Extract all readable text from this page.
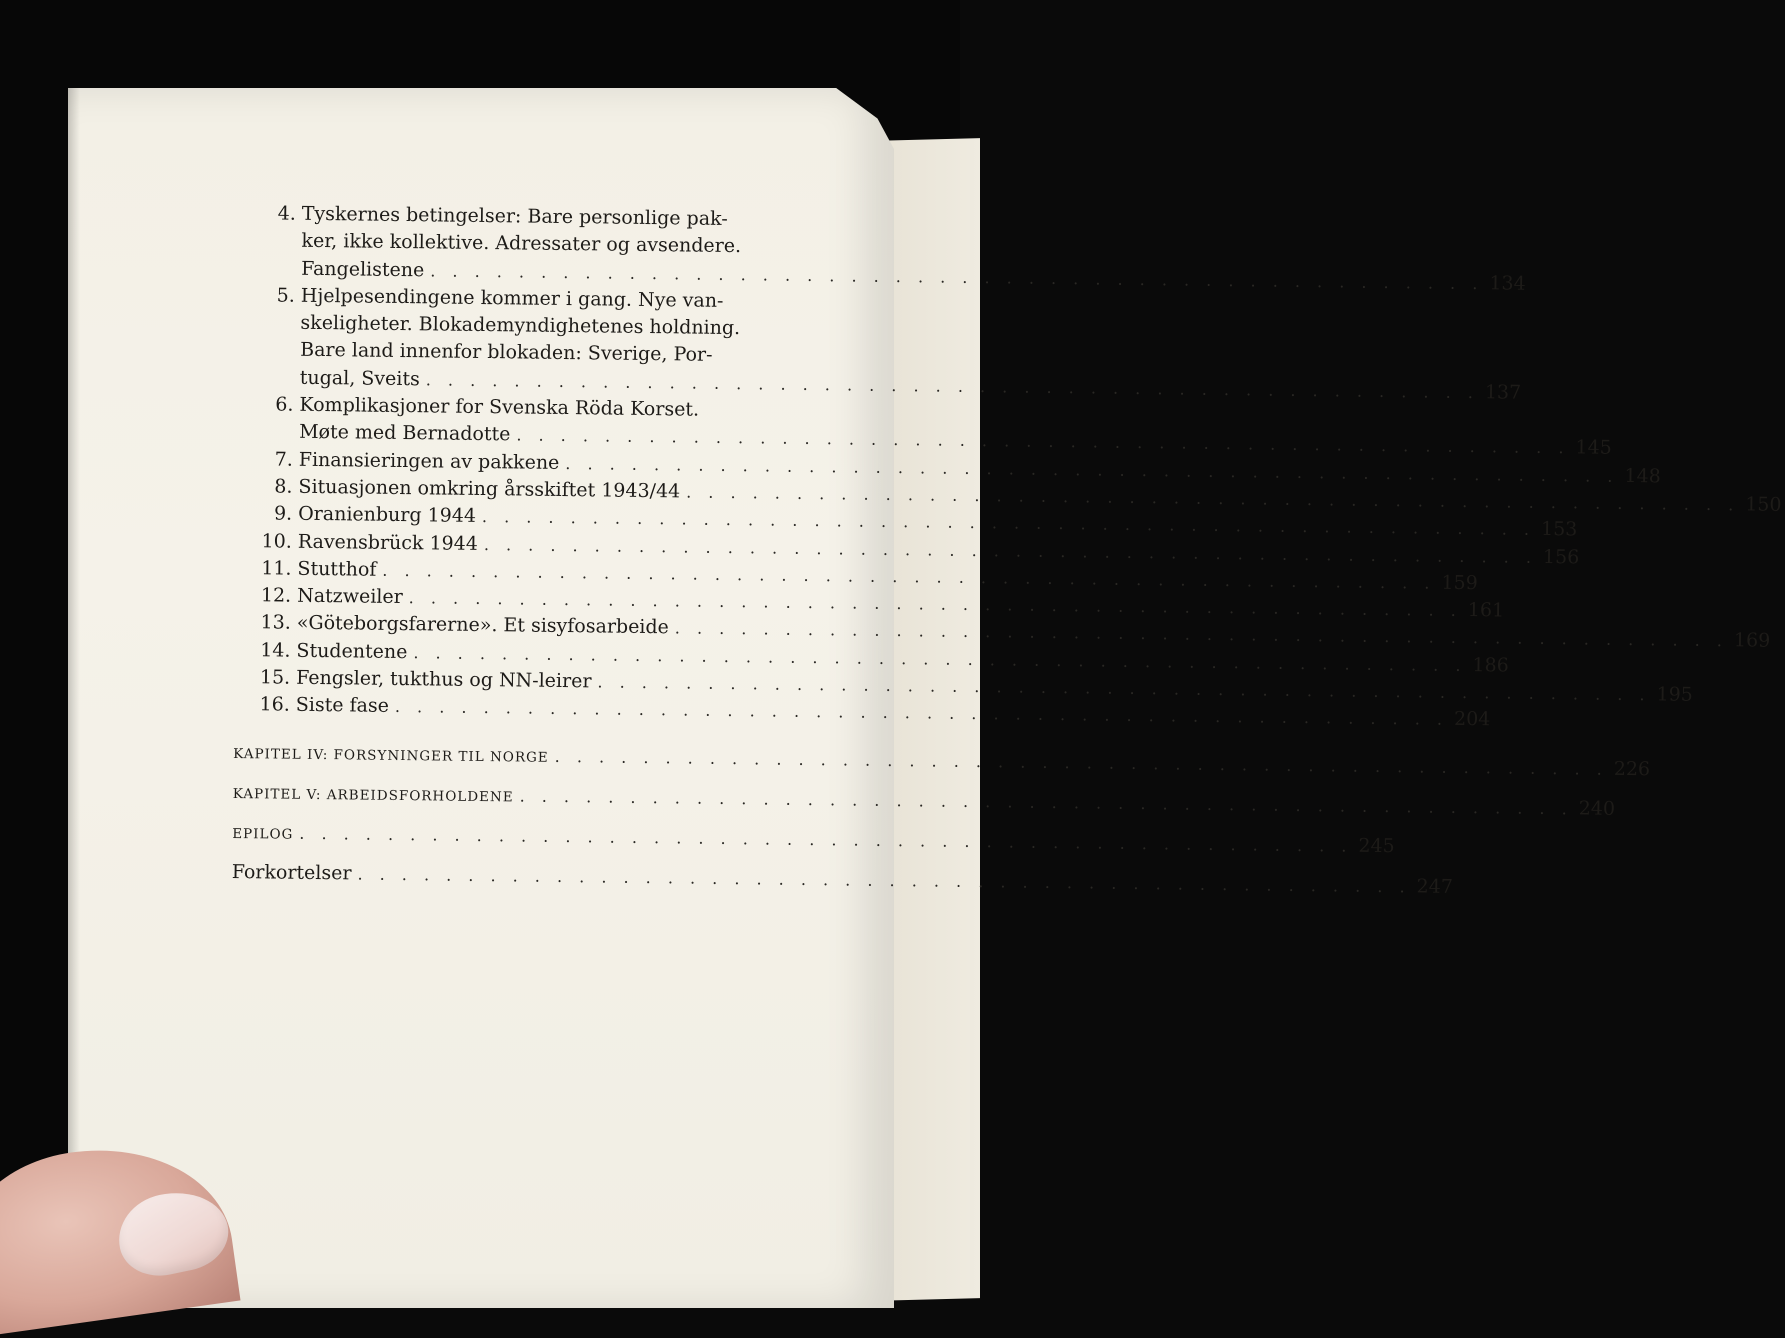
4. Tyskernes betingelser: Bare personlige pak-
ker, ikke kollektive. Adressater og avsendere.
Fangelistene
. . .
134
5. Hjelpesendingene kommer i gang. Nye van-
skeligheter. Blokademyndighetenes holdning.
Bare land innenfor blokaden: Sverige, Por-
tugal, Sveits
. . .
137
6. Komplikasjoner for Svenska Röda Korset.
Møte med Bernadotte
. . .
145
7. Finansieringen av pakkene
. . .
148
8. Situasjonen omkring årsskiftet 1943/44
. . .
150
9. Oranienburg 1944
. . .
153
10. Ravensbrück 1944
. . .
156
11. Stutthof
. . .
159
12. Natzweiler
. . .
161
13. «Göteborgsfarerne». Et sisyfosarbeide
. . .
169
14. Studentene
. . .
186
15. Fengsler, tukthus og NN-leirer
. . .
195
16. Siste fase
. . .
204
KAPITEL IV: FORSYNINGER TIL NORGE
. . .
226
KAPITEL V: ARBEIDSFORHOLDENE
. . .
240
EPILOG
. . .
245
Forkortelser
. . .
247
